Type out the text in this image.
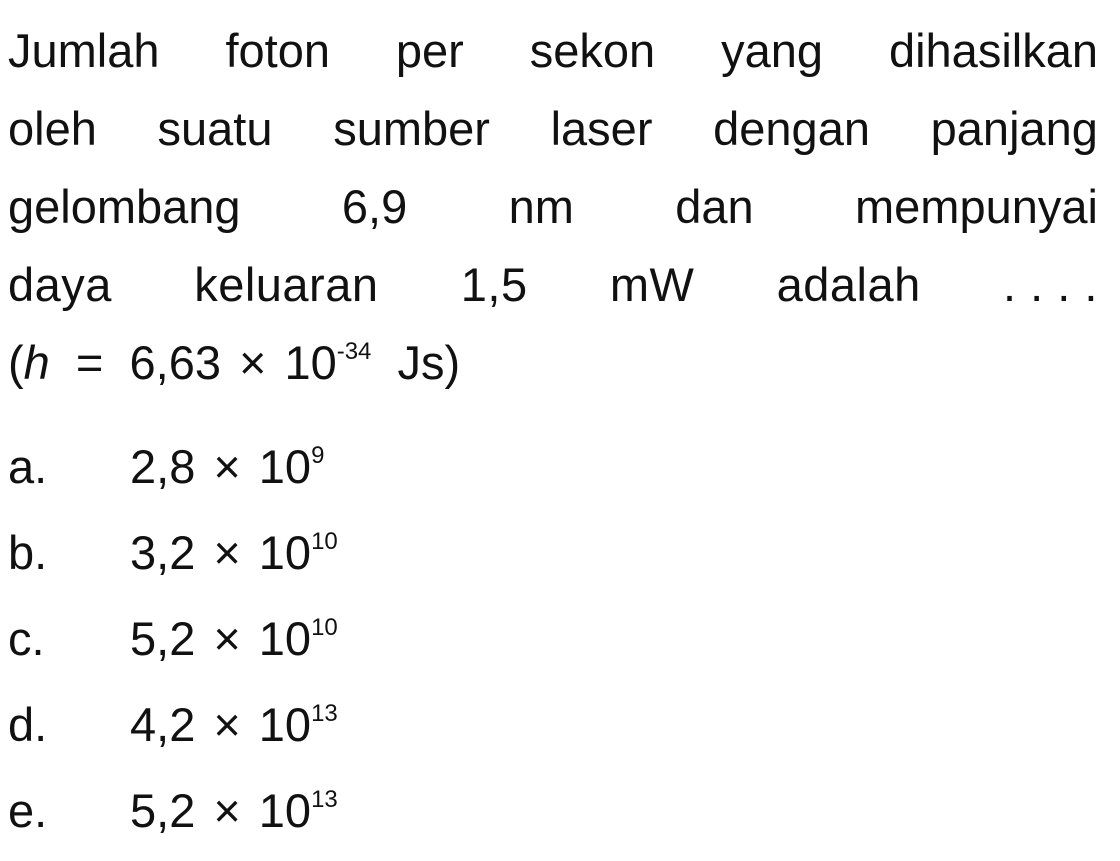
Jumlah foton per sekon yang dihasilkan
oleh suatu sumber laser dengan panjang
gelombang 6,9 nm dan mempunyai
daya keluaran 1,5 mW adalah . . . .
($h = 6,63 \times 10^{-34}$ Js)
a.	$2,8 \times 10^9$
b.	$3,2 \times 10^{10}$
c.	$5,2 \times 10^{10}$
d.	$4,2 \times 10^{13}$
e.	$5,2 \times 10^{13}$
